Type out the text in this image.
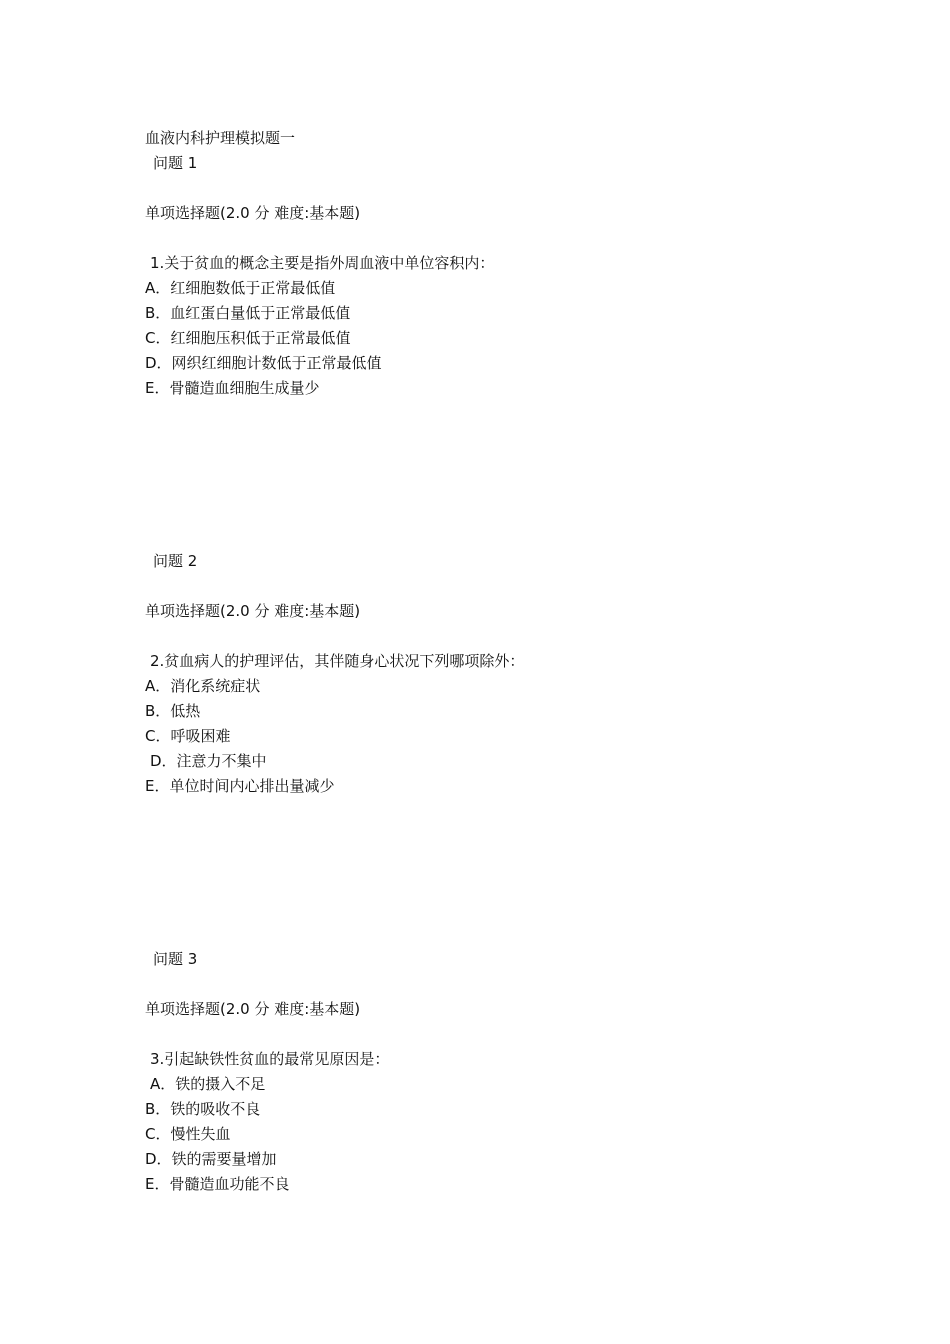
血液内科护理模拟题一
问题 1
单项选择题(2.0 分 难度:基本题)
1.关于贫血的概念主要是指外周血液中单位容积内：
A．红细胞数低于正常最低值
B．血红蛋白量低于正常最低值
C．红细胞压积低于正常最低值
D．网织红细胞计数低于正常最低值
E．骨髓造血细胞生成量少
问题 2
单项选择题(2.0 分 难度:基本题)
2.贫血病人的护理评估，其伴随身心状况下列哪项除外：
A．消化系统症状
B．低热
C．呼吸困难
D．注意力不集中
E．单位时间内心排出量减少
问题 3
单项选择题(2.0 分 难度:基本题)
3.引起缺铁性贫血的最常见原因是：
A．铁的摄入不足
B．铁的吸收不良
C．慢性失血
D．铁的需要量增加
E．骨髓造血功能不良
